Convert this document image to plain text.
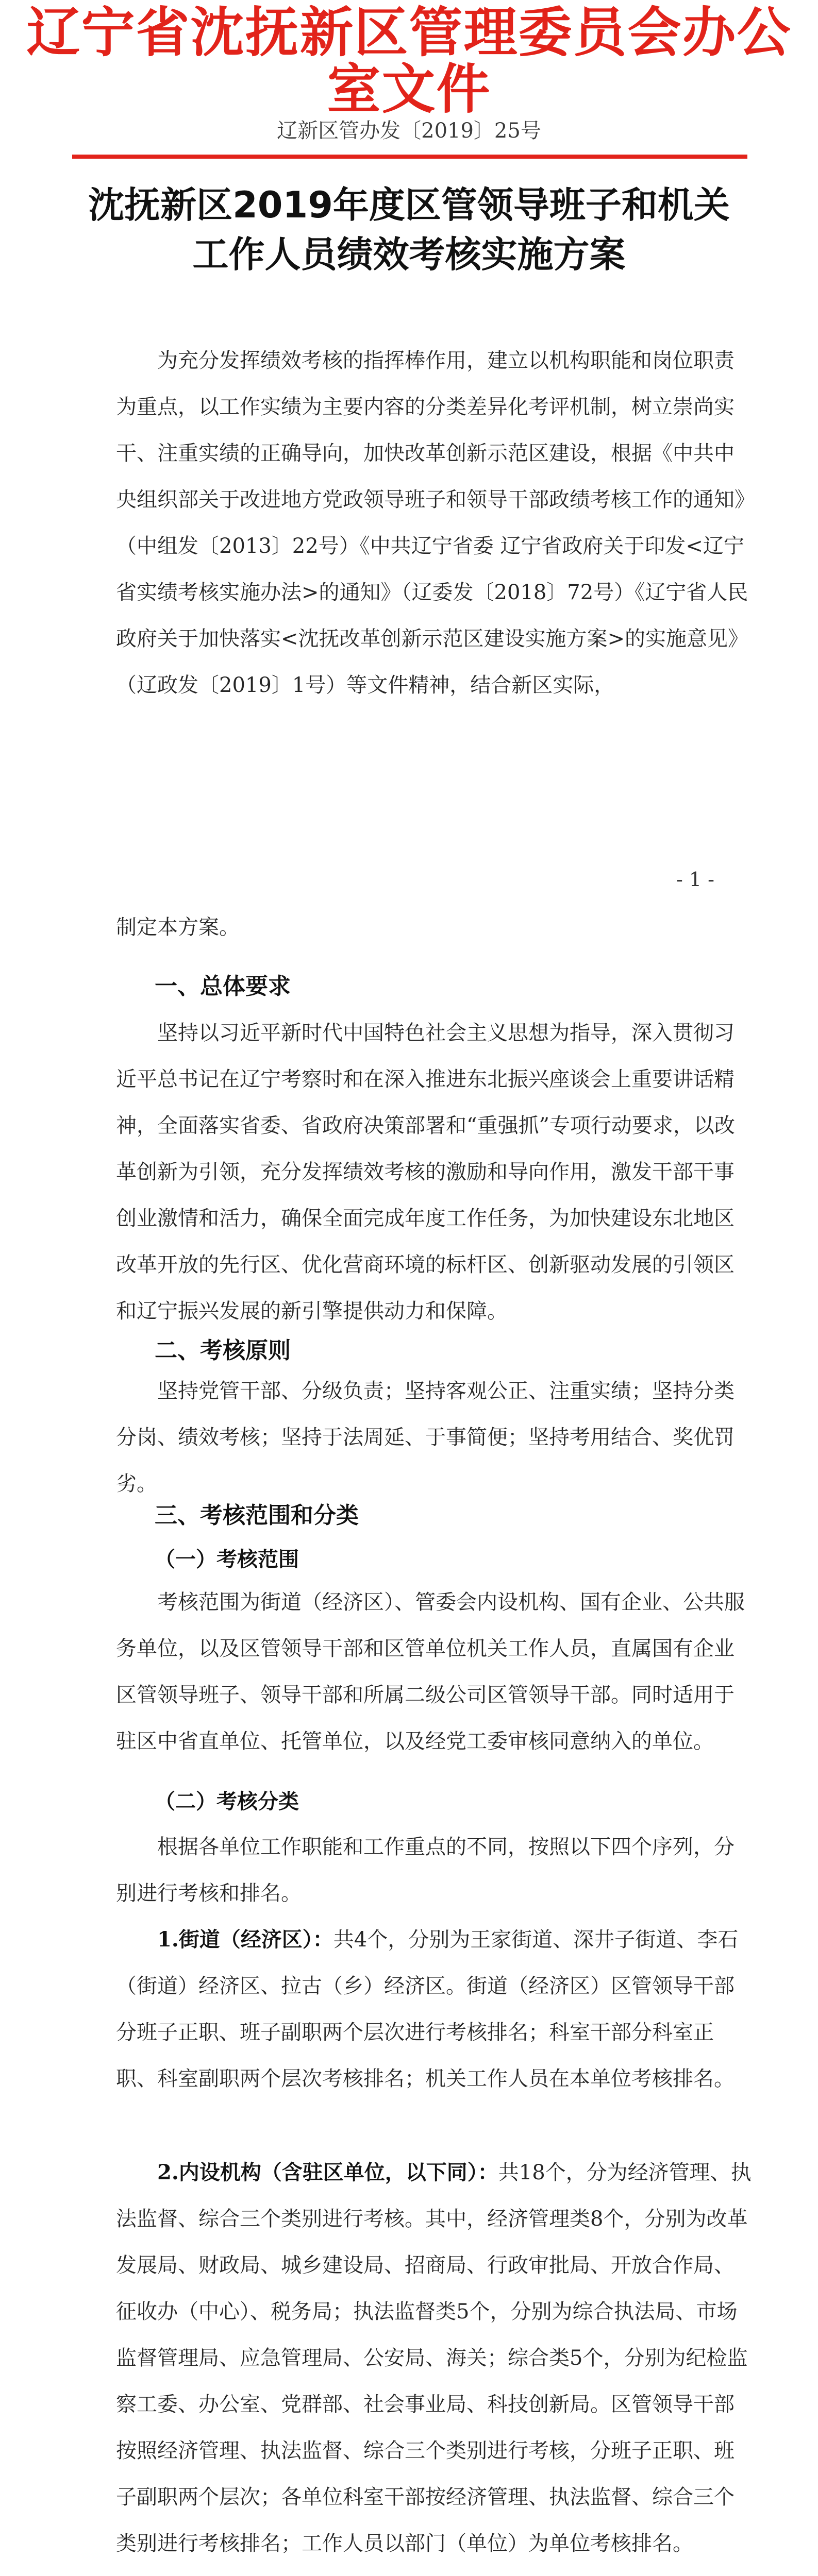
辽宁省沈抚新区管理委员会办公室文件
辽新区管办发〔2019〕25号
沈抚新区2019年度区管领导班子和机关
工作人员绩效考核实施方案

为充分发挥绩效考核的指挥棒作用，建立以机构职能和岗位职责为重点，以工作实绩为主要内容的分类差异化考评机制，树立崇尚实干、注重实绩的正确导向，加快改革创新示范区建设，根据《中共中央组织部关于改进地方党政领导班子和领导干部政绩考核工作的通知》（中组发〔2013〕22号）《中共辽宁省委 辽宁省政府关于印发<辽宁省实绩考核实施办法>的通知》（辽委发〔2018〕72号）《辽宁省人民政府关于加快落实<沈抚改革创新示范区建设实施方案>的实施意见》（辽政发〔2019〕1号）等文件精神，结合新区实际，

- 1 -

制定本方案。

一、总体要求

坚持以习近平新时代中国特色社会主义思想为指导，深入贯彻习近平总书记在辽宁考察时和在深入推进东北振兴座谈会上重要讲话精神，全面落实省委、省政府决策部署和“重强抓”专项行动要求，以改革创新为引领，充分发挥绩效考核的激励和导向作用，激发干部干事创业激情和活力，确保全面完成年度工作任务，为加快建设东北地区改革开放的先行区、优化营商环境的标杆区、创新驱动发展的引领区和辽宁振兴发展的新引擎提供动力和保障。

二、考核原则

坚持党管干部、分级负责；坚持客观公正、注重实绩；坚持分类分岗、绩效考核；坚持于法周延、于事简便；坚持考用结合、奖优罚劣。

三、考核范围和分类
（一）考核范围

考核范围为街道（经济区）、管委会内设机构、国有企业、公共服务单位，以及区管领导干部和区管单位机关工作人员，直属国有企业区管领导班子、领导干部和所属二级公司区管领导干部。同时适用于驻区中省直单位、托管单位，以及经党工委审核同意纳入的单位。

（二）考核分类

根据各单位工作职能和工作重点的不同，按照以下四个序列，分别进行考核和排名。

1.街道（经济区）：共4个，分别为王家街道、深井子街道、李石（街道）经济区、拉古（乡）经济区。街道（经济区）区管领导干部分班子正职、班子副职两个层次进行考核排名；科室干部分科室正职、科室副职两个层次考核排名；机关工作人员在本单位考核排名。

2.内设机构（含驻区单位，以下同）：共18个，分为经济管理、执法监督、综合三个类别进行考核。其中，经济管理类8个，分别为改革发展局、财政局、城乡建设局、招商局、行政审批局、开放合作局、征收办（中心）、税务局；执法监督类5个，分别为综合执法局、市场监督管理局、应急管理局、公安局、海关；综合类5个，分别为纪检监察工委、办公室、党群部、社会事业局、科技创新局。区管领导干部按照经济管理、执法监督、综合三个类别进行考核，分班子正职、班子副职两个层次；各单位科室干部按经济管理、执法监督、综合三个类别进行考核排名；工作人员以部门（单位）为单位考核排名。
